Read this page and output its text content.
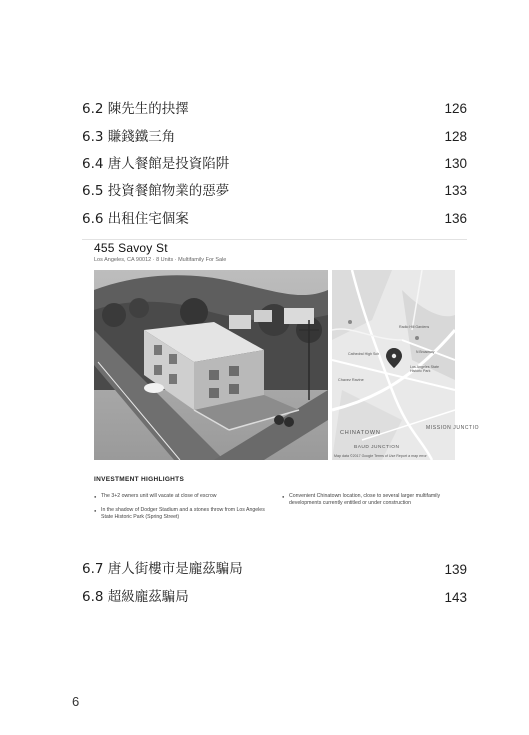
6.2 陳先生的抉擇	126
6.3 賺錢鐵三角	128
6.4 唐人餐館是投資陷阱	130
6.5 投資餐館物業的惡夢	133
6.6 出租住宅個案	136
455 Savoy St
Los Angeles, CA 90012 · 8 Units · Multifamily For Sale
Radio Hill Gardens
Cathedral High Sch	N Broadway
Los Angeles State Historic Park
Chavez Ravine
CHINATOWN
MISSION JUNCTIO
BAUD JUNCTION
Map data ©2017 Google Terms of Use Report a map error
INVESTMENT HIGHLIGHTS
● The 3+2 owners unit will vacate at close of escrow
● In the shadow of Dodger Stadium and a stones throw from Los Angeles State Historic Park (Spring Street)
● Convenient Chinatown location, close to several larger multifamily developments currently entitled or under construction
6.7 唐人街樓市是龐茲騙局	139
6.8 超級龐茲騙局	143
6
